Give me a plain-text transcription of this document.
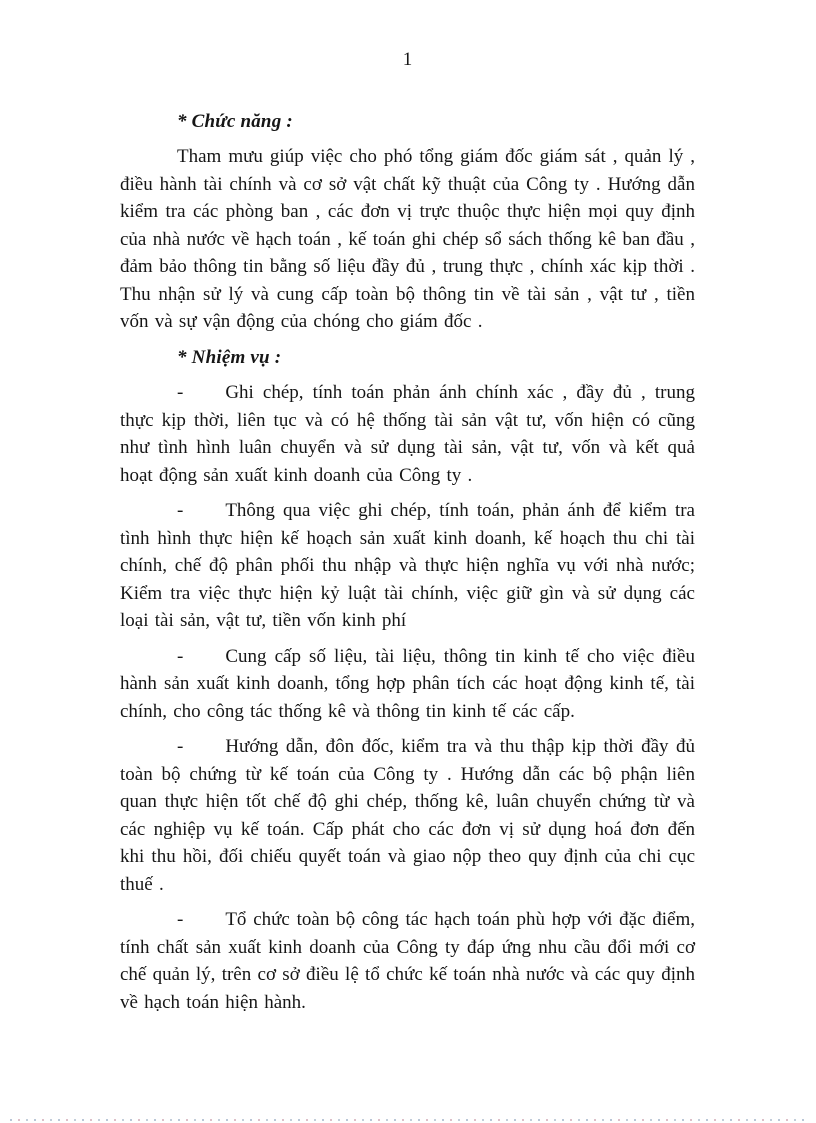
1
* Chức năng :

Tham mưu giúp việc cho phó tổng giám đốc giám sát , quản lý , điều hành tài chính và cơ sở vật chất kỹ thuật của Công ty . Hướng dẫn kiểm tra các phòng ban , các đơn vị trực thuộc thực hiện mọi quy định của nhà nước về hạch toán , kế toán ghi chép sổ sách thống kê ban đầu , đảm bảo thông tin bằng số liệu đầy đủ , trung thực , chính xác kịp thời . Thu nhận sử lý và cung cấp toàn bộ thông tin về tài sản , vật tư , tiền vốn và sự vận động của chóng cho giám đốc .

* Nhiệm vụ :

- Ghi chép, tính toán phản ánh chính xác , đầy đủ , trung thực kịp thời, liên tục và có hệ thống tài sản vật tư, vốn hiện có cũng như tình hình luân chuyển và sử dụng tài sản, vật tư, vốn và kết quả hoạt động sản xuất kinh doanh của Công ty .

- Thông qua việc ghi chép, tính toán, phản ánh để kiểm tra tình hình thực hiện kế hoạch sản xuất kinh doanh, kế hoạch thu chi tài chính, chế độ phân phối thu nhập và thực hiện nghĩa vụ với nhà nước; Kiểm tra việc thực hiện kỷ luật tài chính, việc giữ gìn và sử dụng các loại tài sản, vật tư, tiền vốn kinh phí

- Cung cấp số liệu, tài liệu, thông tin kinh tế cho việc điều hành sản xuất kinh doanh, tổng hợp phân tích các hoạt động kinh tế, tài chính, cho công tác thống kê và thông tin kinh tế các cấp.

- Hướng dẫn, đôn đốc, kiểm tra và thu thập kịp thời đầy đủ toàn bộ chứng từ kế toán của Công ty . Hướng dẫn các bộ phận liên quan thực hiện tốt chế độ ghi chép, thống kê, luân chuyển chứng từ và các nghiệp vụ kế toán. Cấp phát cho các đơn vị sử dụng hoá đơn đến khi thu hồi, đối chiếu quyết toán và giao nộp theo quy định của chi cục thuế .

- Tổ chức toàn bộ công tác hạch toán phù hợp với đặc điểm, tính chất sản xuất kinh doanh của Công ty đáp ứng nhu cầu đổi mới cơ chế quản lý, trên cơ sở điều lệ tổ chức kế toán nhà nước và các quy định về hạch toán hiện hành.
